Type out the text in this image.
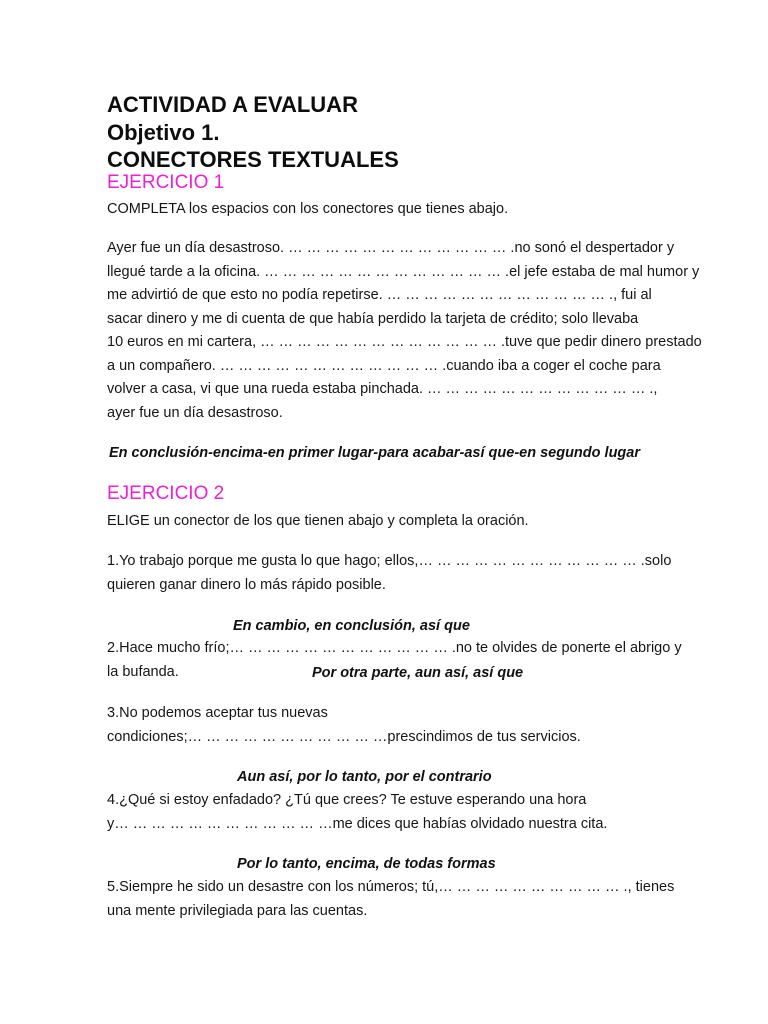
ACTIVIDAD A EVALUAR
Objetivo 1.
CONECTORES TEXTUALES
EJERCICIO 1
COMPLETA los espacios con los conectores que tienes abajo.
Ayer fue un día desastroso. … … … … … … … … … … … … .no sonó el despertador y
llegué tarde a la oficina. … … … … … … … … … … … … … .el jefe estaba de mal humor y
me advirtió de que esto no podía repetirse. … … … … … … … … … … … … ., fui al
sacar dinero y me di cuenta de que había perdido la tarjeta de crédito; solo llevaba
10 euros en mi cartera, … … … … … … … … … … … … … .tuve que pedir dinero prestado
a un compañero. … … … … … … … … … … … … .cuando iba a coger el coche para
volver a casa, vi que una rueda estaba pinchada. … … … … … … … … … … … … .,
ayer fue un día desastroso.
En conclusión-encima-en primer lugar-para acabar-así que-en segundo lugar
EJERCICIO 2
ELIGE un conector de los que tienen abajo y completa la oración.
1.Yo trabajo porque me gusta lo que hago; ellos,… … … … … … … … … … … … .solo
quieren ganar dinero lo más rápido posible.
En cambio, en conclusión, así que
2.Hace mucho frío;… … … … … … … … … … … … .no te olvides de ponerte el abrigo y
la bufanda.	Por otra parte, aun así, así que
3.No podemos aceptar tus nuevas
condiciones;… … … … … … … … … … …prescindimos de tus servicios.
Aun así, por lo tanto, por el contrario
4.¿Qué si estoy enfadado? ¿Tú que crees? Te estuve esperando una hora
y… … … … … … … … … … … …me dices que habías olvidado nuestra cita.
Por lo tanto, encima, de todas formas
5.Siempre he sido un desastre con los números; tú,… … … … … … … … … … ., tienes
una mente privilegiada para las cuentas.
